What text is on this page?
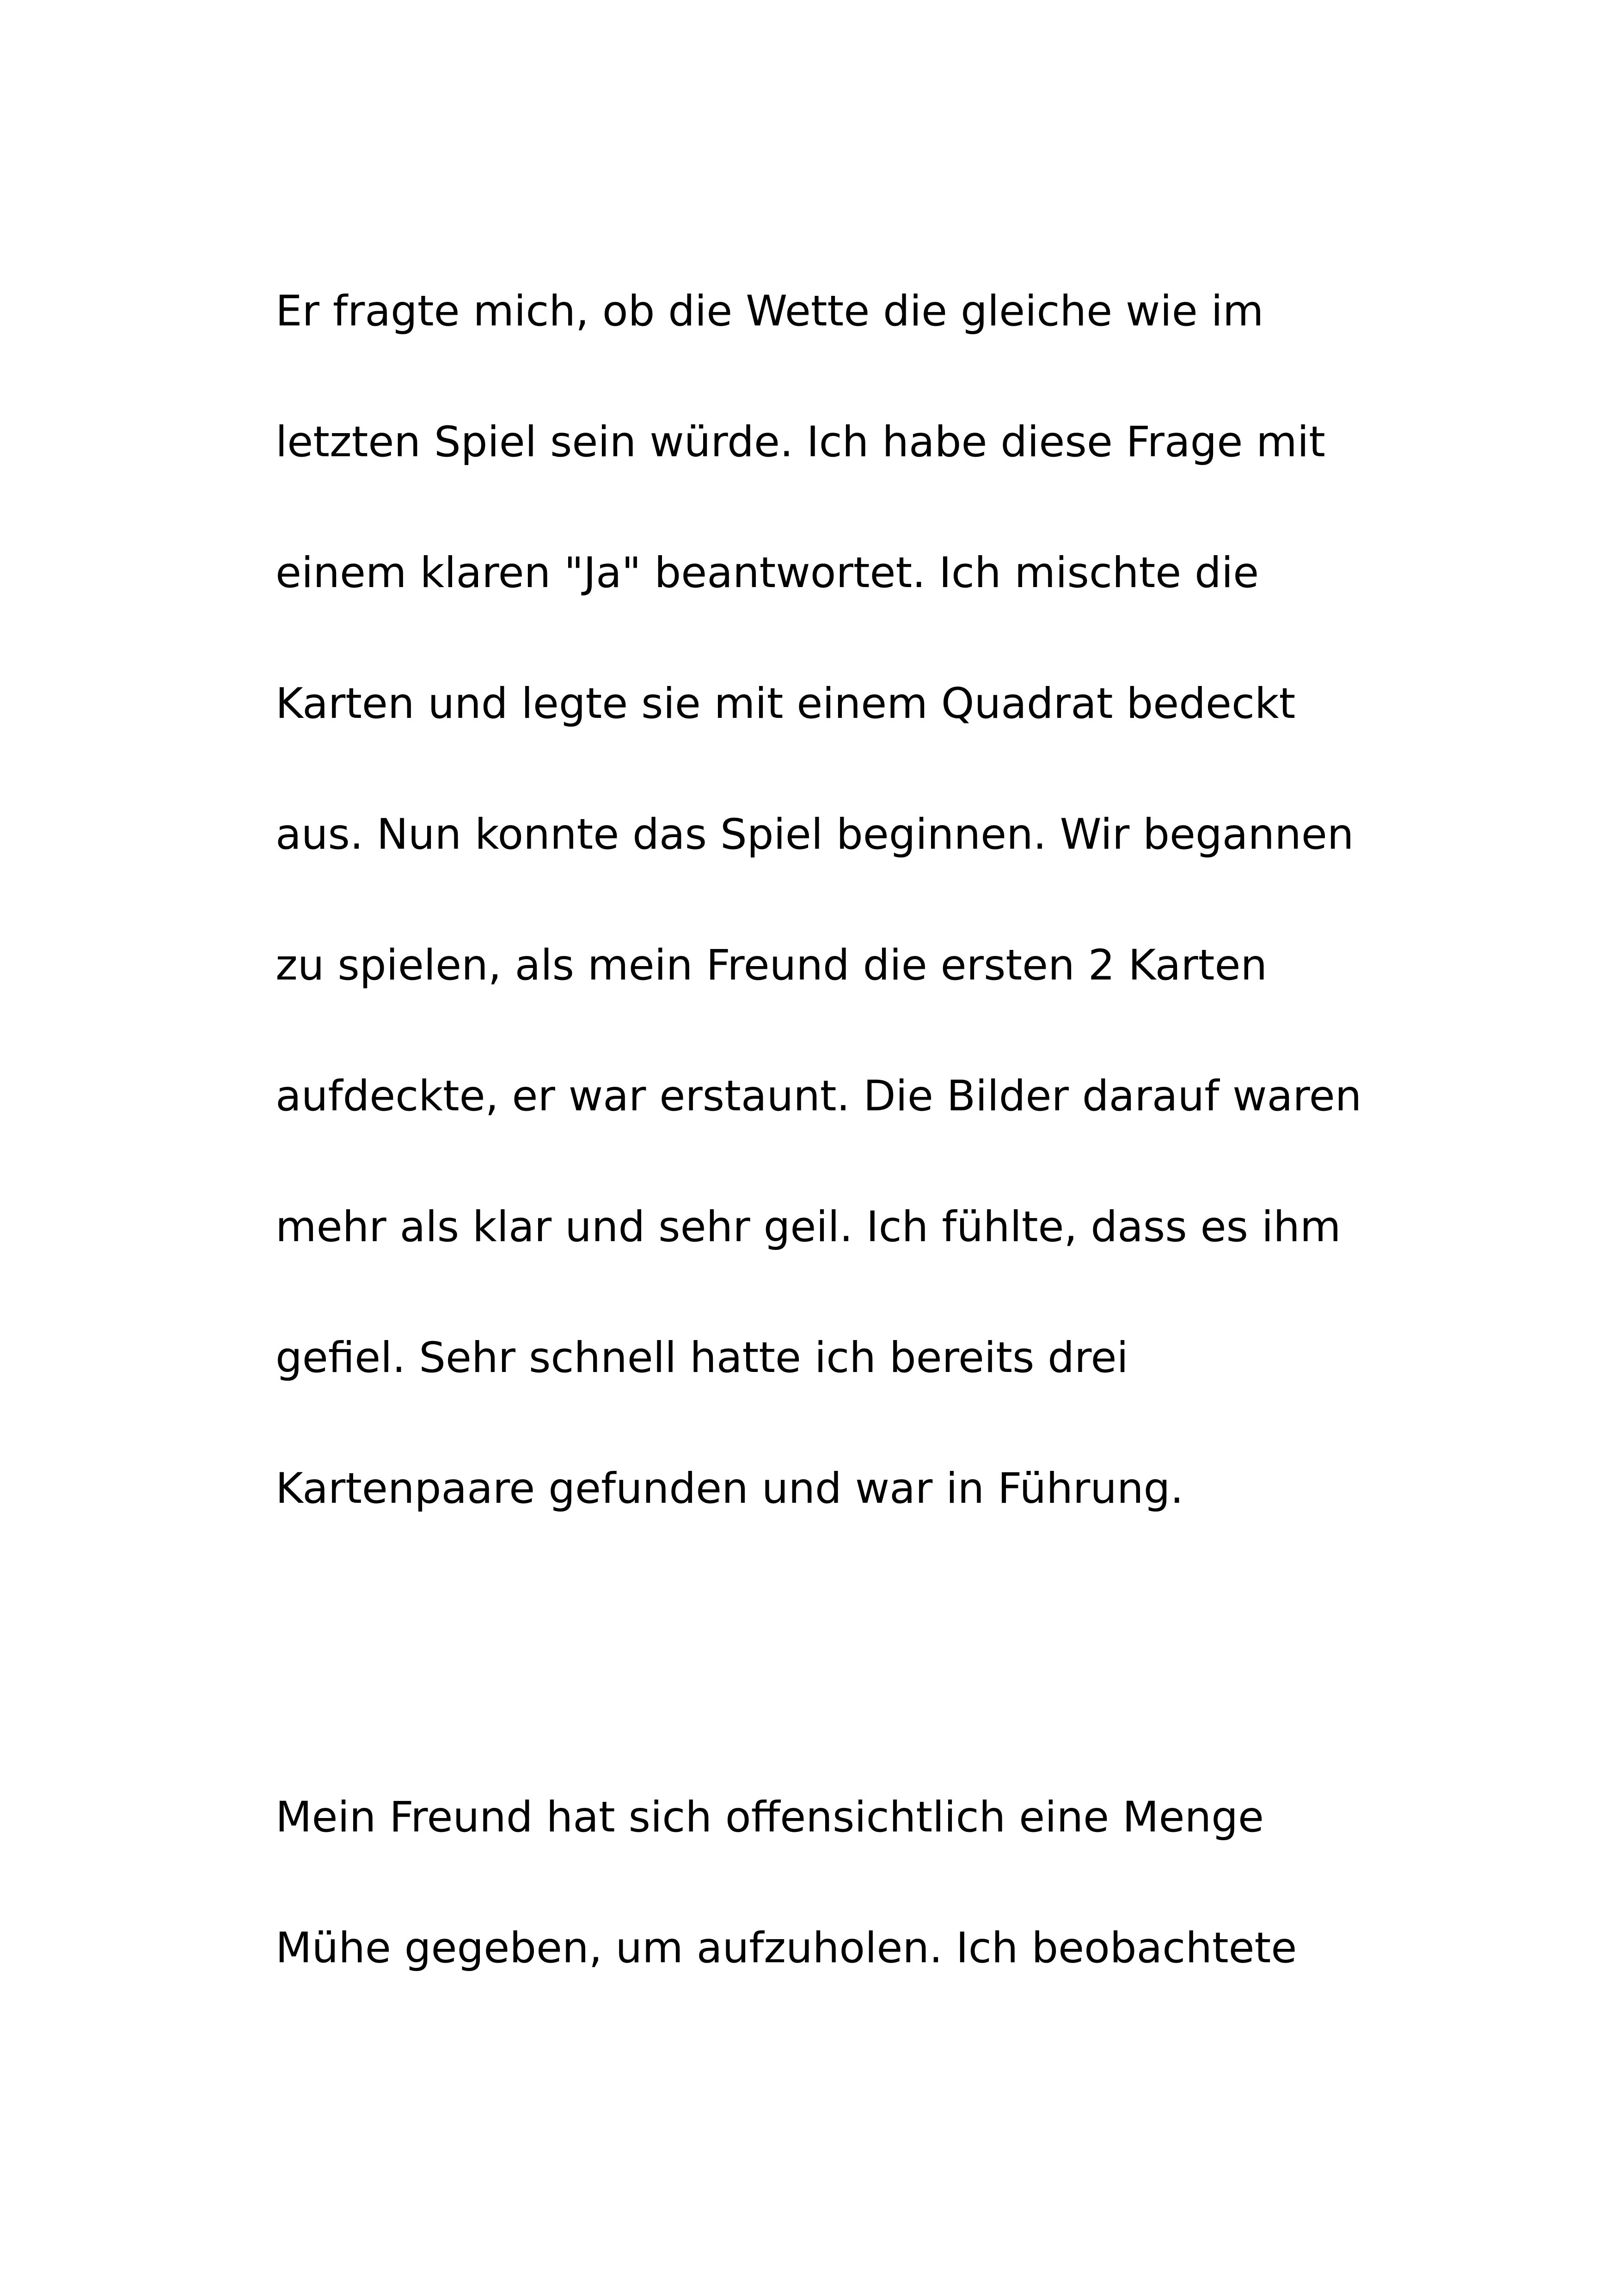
Er fragte mich, ob die Wette die gleiche wie im
letzten Spiel sein würde. Ich habe diese Frage mit
einem klaren "Ja" beantwortet. Ich mischte die
Karten und legte sie mit einem Quadrat bedeckt
aus. Nun konnte das Spiel beginnen. Wir begannen
zu spielen, als mein Freund die ersten 2 Karten
aufdeckte, er war erstaunt. Die Bilder darauf waren
mehr als klar und sehr geil. Ich fühlte, dass es ihm
gefiel. Sehr schnell hatte ich bereits drei
Kartenpaare gefunden und war in Führung.
Mein Freund hat sich offensichtlich eine Menge
Mühe gegeben, um aufzuholen. Ich beobachtete
